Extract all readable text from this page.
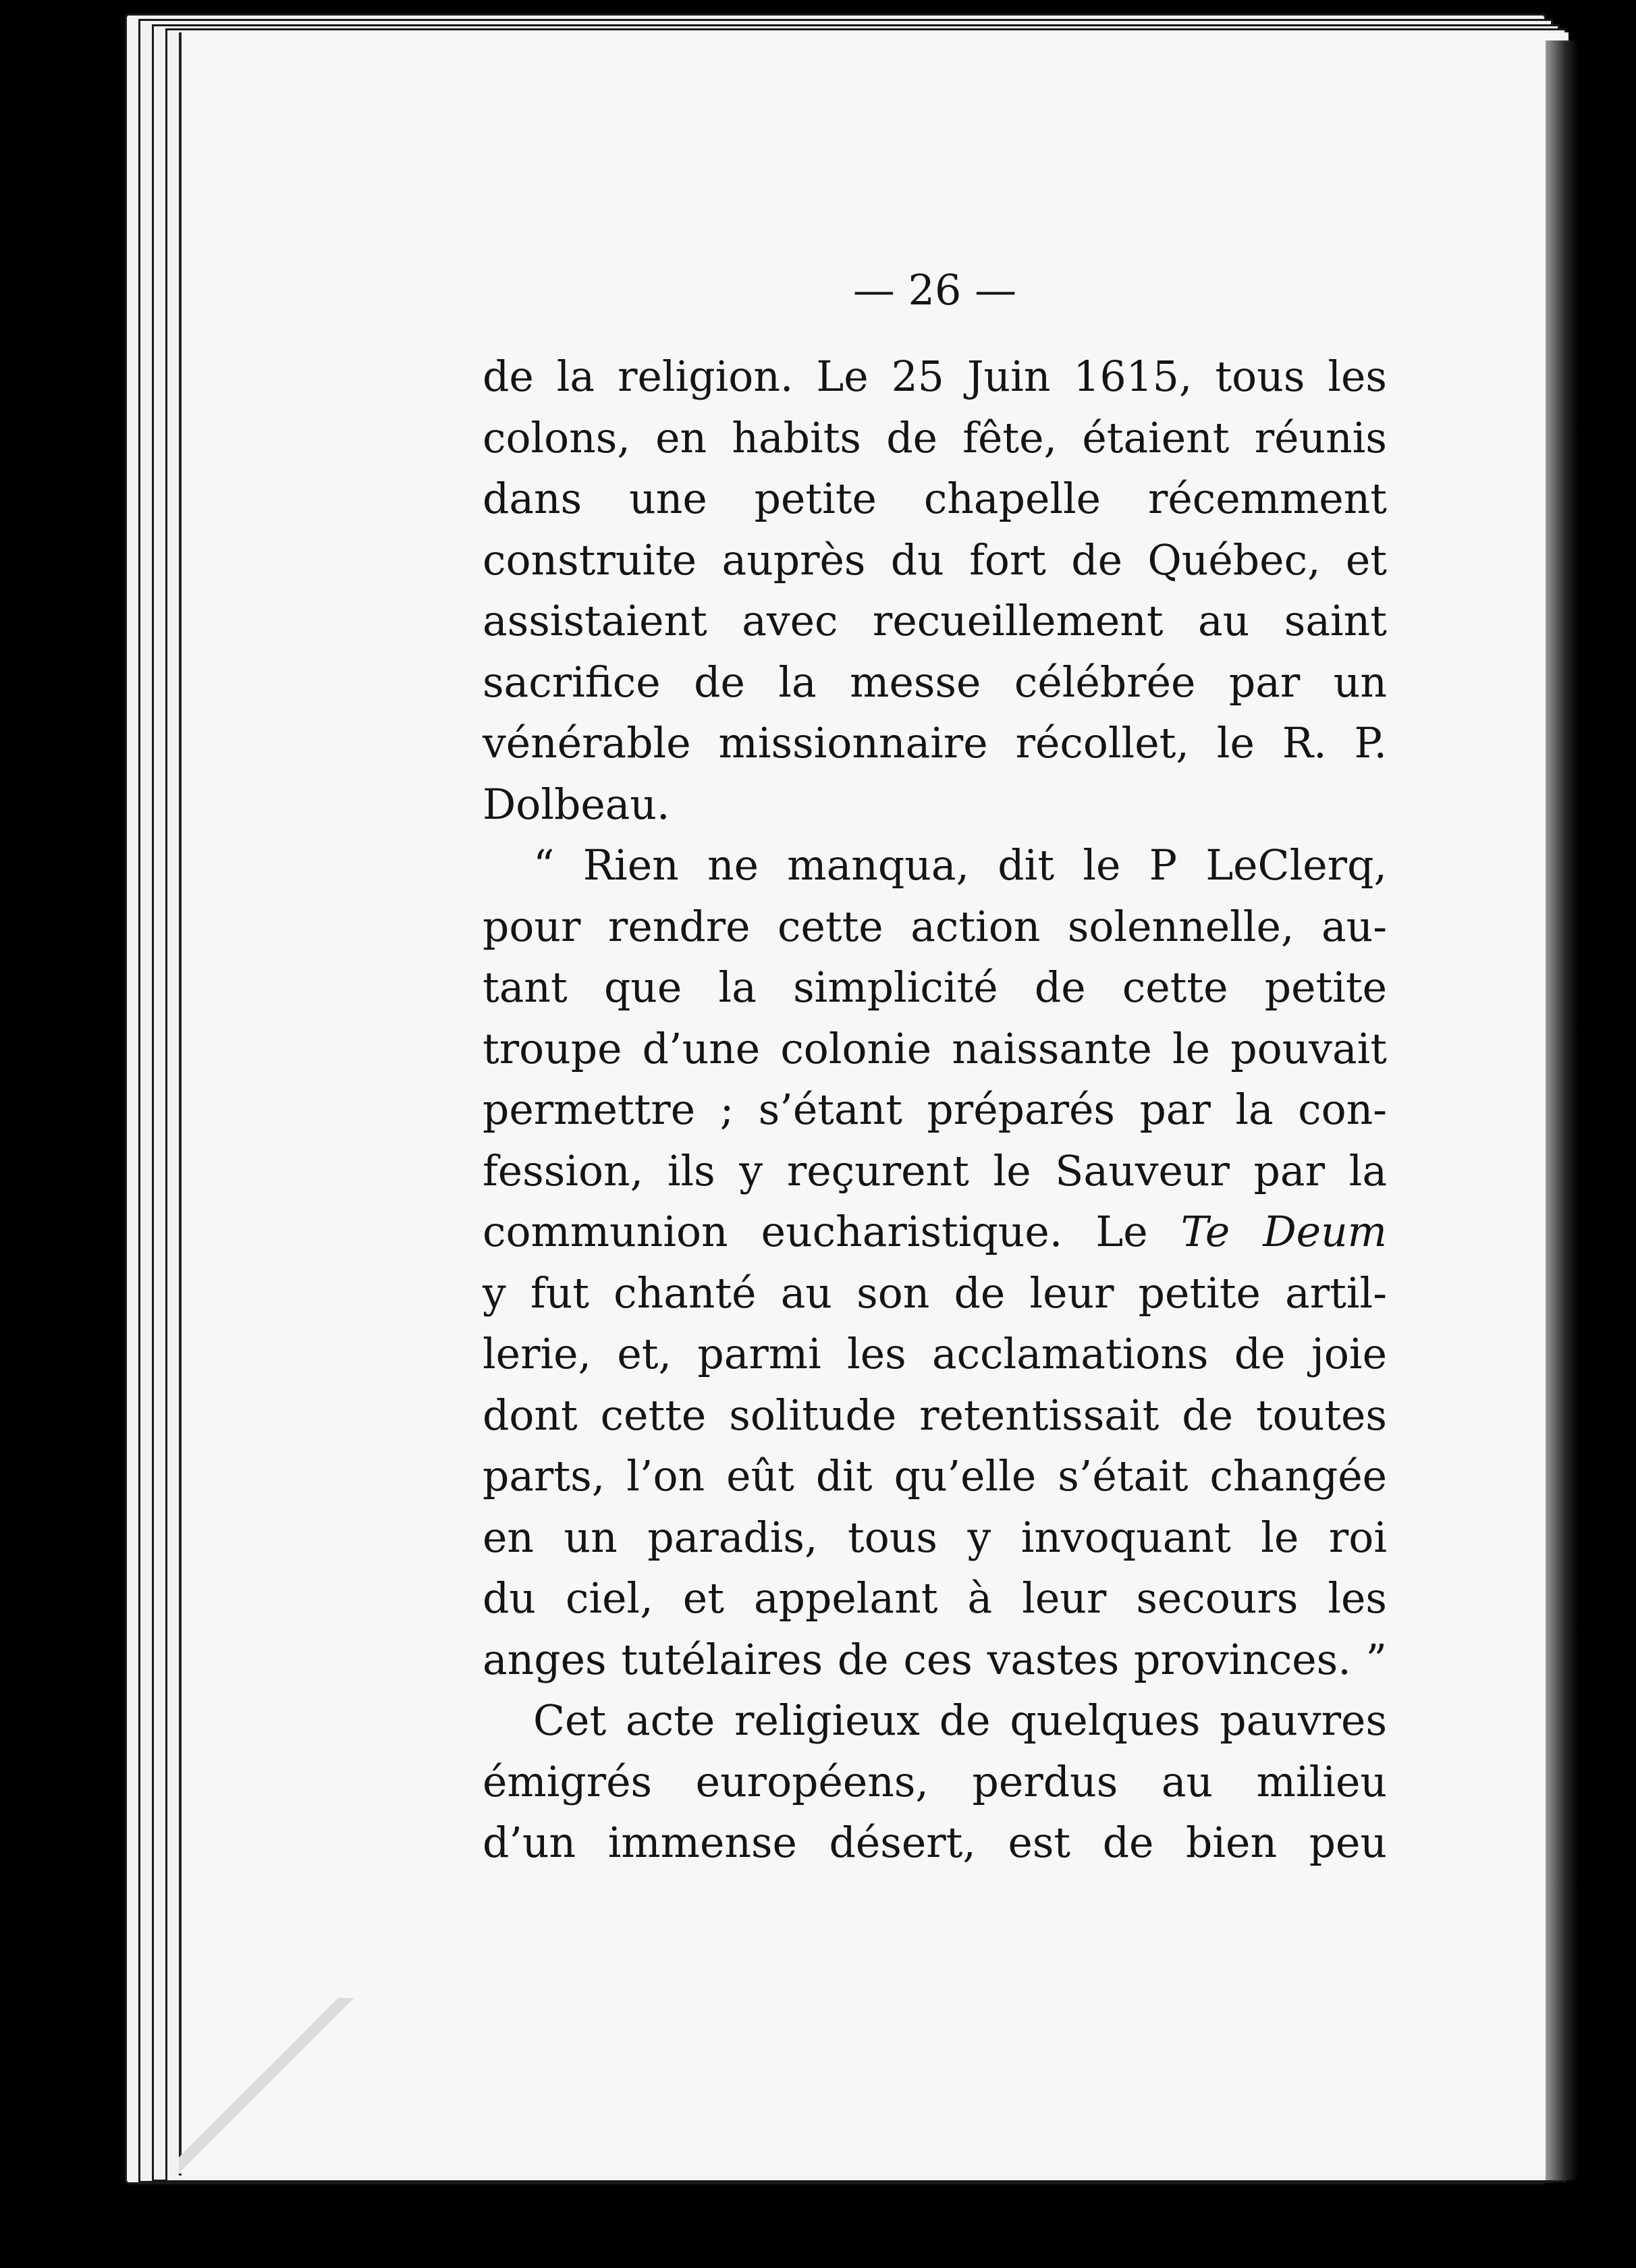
— 26 —
de la religion. Le 25 Juin 1615, tous les
colons, en habits de fête, étaient réunis
dans une petite chapelle récemment
construite auprès du fort de Québec, et
assistaient avec recueillement au saint
sacrifice de la messe célébrée par un
vénérable missionnaire récollet, le R. P.
Dolbeau.
“ Rien ne manqua, dit le P LeClerq,
pour rendre cette action solennelle, au-
tant que la simplicité de cette petite
troupe d’une colonie naissante le pouvait
permettre ; s’étant préparés par la con-
fession, ils y reçurent le Sauveur par la
communion eucharistique. Le Te Deum
y fut chanté au son de leur petite artil-
lerie, et, parmi les acclamations de joie
dont cette solitude retentissait de toutes
parts, l’on eût dit qu’elle s’était changée
en un paradis, tous y invoquant le roi
du ciel, et appelant à leur secours les
anges tutélaires de ces vastes provinces. ”
Cet acte religieux de quelques pauvres
émigrés européens, perdus au milieu
d’un immense désert, est de bien peu
